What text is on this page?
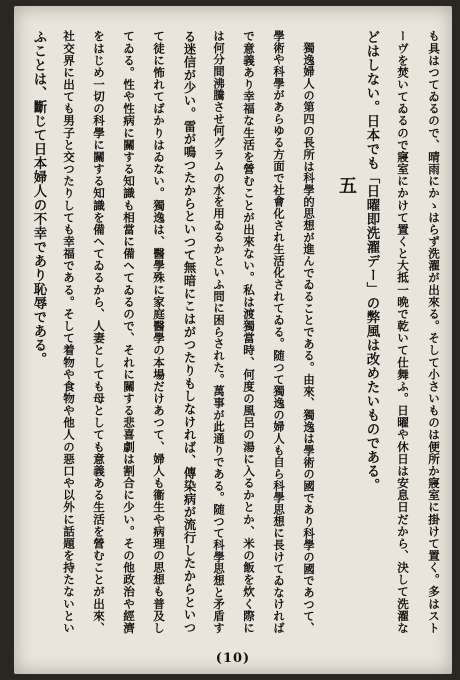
も具はつてゐるので、晴雨にかゝはらず洗濯が出來る。そして小さいものは便所か寢室に掛けて置く。多はスト
ーヴを焚いてゐるので寢室にかけて置くと大抵一晩で乾いて仕舞ふ。日曜や休日は安息日だから、決して洗濯な
どはしない。日本でも「日曜即洗濯デー」の弊風は改めたいものである。
五
獨逸婦人の第四の長所は科學的思想が進んでゐることである。由來、獨逸は學術の國であり科學の國であつて、
學術や科學があらゆる方面で社會化され生活化されてゐる。随つて獨逸の婦人も自ら科學思想に長けてゐなければ
で意義あり幸福な生活を營むことが出來ない。私は渡獨當時、何度の風呂の湯に入るかとか、米の飯を炊く際に
は何分間沸騰させ何グラムの水を用ゐるかといふ問に困らされた。萬事が此通りである。随つて科學思想と矛盾す
る迷信が少い。雷が鳴つたからといつて無暗にこはがつたりもしなければ、傳染病が流行したからといつ
て徒に怖れてばかりはゐない。獨逸は、醫學殊に家庭醫學の本場だけあつて、婦人も衞生や病理の思想も普及し
てゐる。性や性病に關する知識も相當に備へてゐるので、それに關する悲喜劇は割合に少い。その他政治や經濟
をはじめ一切の科學に關する知識を備へてゐるから、人妻としても母としても意義ある生活を營むことが出來、
社交界に出ても男子と交つたりしても幸福である。そして着物や食物や他人の惡口や以外に話題を持たないとい
ふことは、斷じて日本婦人の不幸であり恥辱である。
(10)
